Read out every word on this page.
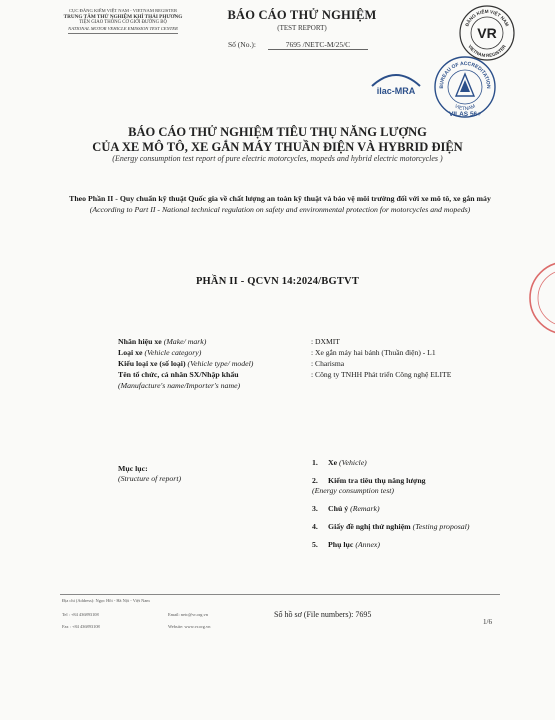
CỤC ĐĂNG KIỂM VIỆT NAM - VIETNAM REGISTER
TRUNG TÂM THỬ NGHIỆM KHÍ THẢI PHƯƠNG
TIỆN GIAO THÔNG CƠ GIỚI ĐƯỜNG BỘ
NATIONAL MOTOR VEHICLE EMISSION TEST CENTER
BÁO CÁO THỬ NGHIỆM
(TEST REPORT)
Số (No.):	7695 /NETC-M/25/C
ĐĂNG KIỂM VIỆT NAM
VIETNAM REGISTER
VR
BUREAU OF ACCREDITATION
VIETNAM
VILAS 56+
ilac-MRA
BÁO CÁO THỬ NGHIỆM TIÊU THỤ NĂNG LƯỢNG
CỦA XE MÔ TÔ, XE GẮN MÁY THUẦN ĐIỆN VÀ HYBRID ĐIỆN
(Energy consumption test report of pure electric motorcycles, mopeds and hybrid electric motorcycles )
Theo Phần II - Quy chuẩn kỹ thuật Quốc gia về chất lượng an toàn kỹ thuật và bảo vệ môi trường đối với xe mô tô, xe gắn máy
(According to Part II - National technical regulation on safety and environmental protection for motorcycles and mopeds)
PHẦN II - QCVN 14:2024/BGTVT
Nhãn hiệu xe (Make/ mark)	: DXMIT
Loại xe (Vehicle category)	: Xe gắn máy hai bánh (Thuần điện) - L1
Kiểu loại xe (số loại) (Vehicle type/ model)	: Charisma
Tên tổ chức, cá nhân SX/Nhập khẩu	: Công ty TNHH Phát triển Công nghệ ELITE
(Manufacture's name/Importer's name)
Mục lục:
(Structure of report)
1. Xe (Vehicle)
2. Kiểm tra tiêu thụ năng lượng
(Energy consumption test)
3. Chú ý (Remark)
4. Giấy đề nghị thử nghiệm (Testing proposal)
5. Phụ lục (Annex)
Địa chỉ (Address): Ngọc Hồi - Hà Nội - Việt Nam
Tel : +84 436893108
Fax : +84 436893108
Email: netc@vr.org.vn
Website: www.vr.org.vn
Số hồ sơ (File numbers): 7695
1/6
